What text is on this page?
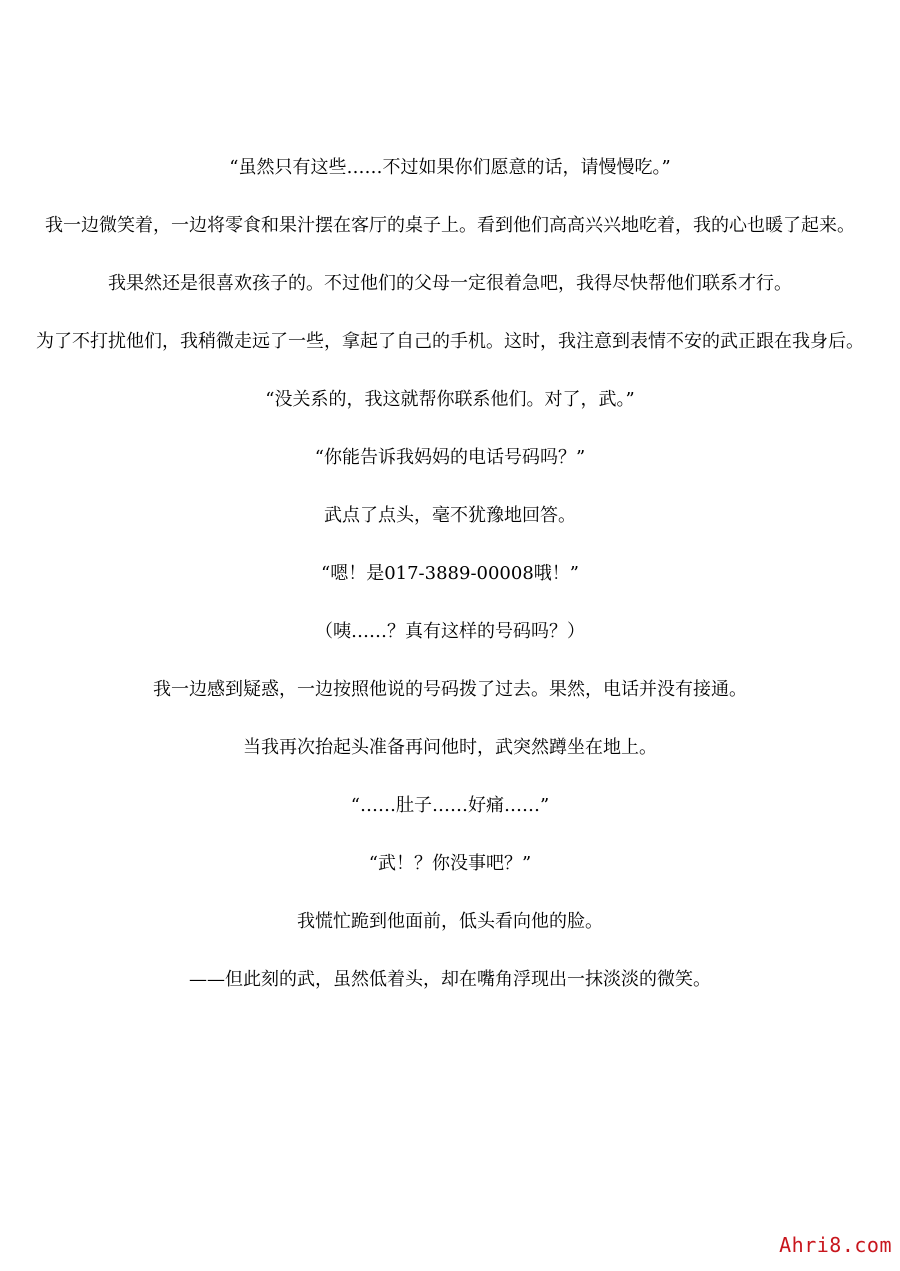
“虽然只有这些……不过如果你们愿意的话，请慢慢吃。”

我一边微笑着，一边将零食和果汁摆在客厅的桌子上。看到他们高高兴兴地吃着，我的心也暖了起来。

我果然还是很喜欢孩子的。不过他们的父母一定很着急吧，我得尽快帮他们联系才行。

为了不打扰他们，我稍微走远了一些，拿起了自己的手机。这时，我注意到表情不安的武正跟在我身后。

“没关系的，我这就帮你联系他们。对了，武。”

“你能告诉我妈妈的电话号码吗？”

武点了点头，毫不犹豫地回答。

“嗯！是017-3889-00008哦！”

（咦……？真有这样的号码吗？）

我一边感到疑惑，一边按照他说的号码拨了过去。果然，电话并没有接通。

当我再次抬起头准备再问他时，武突然蹲坐在地上。

“……肚子……好痛……”

“武！？你没事吧？”

我慌忙跪到他面前，低头看向他的脸。

——但此刻的武，虽然低着头，却在嘴角浮现出一抹淡淡的微笑。

Ahri8.com
